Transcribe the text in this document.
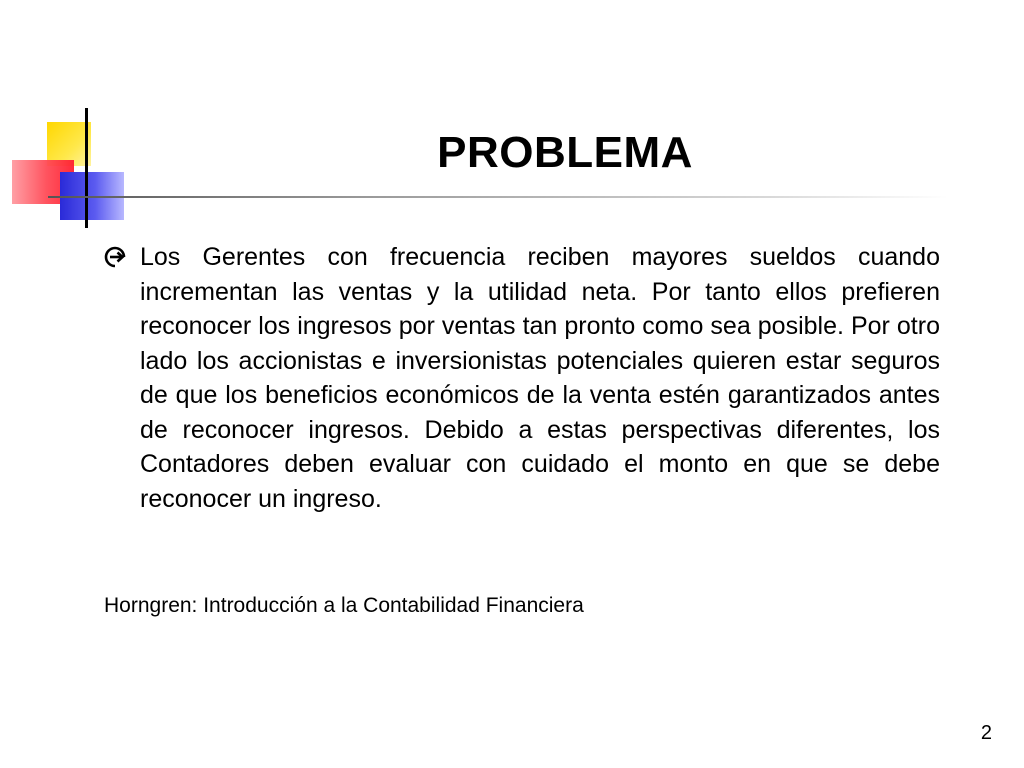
PROBLEMA

Los Gerentes con frecuencia reciben mayores sueldos cuando incrementan las ventas y la utilidad neta. Por tanto ellos prefieren reconocer los ingresos por ventas tan pronto como sea posible. Por otro lado los accionistas e inversionistas potenciales quieren estar seguros de que los beneficios económicos de la venta estén garantizados antes de reconocer ingresos. Debido a estas perspectivas diferentes, los Contadores deben evaluar con cuidado el monto en que se debe reconocer un ingreso.

Horngren: Introducción a la Contabilidad Financiera

2
